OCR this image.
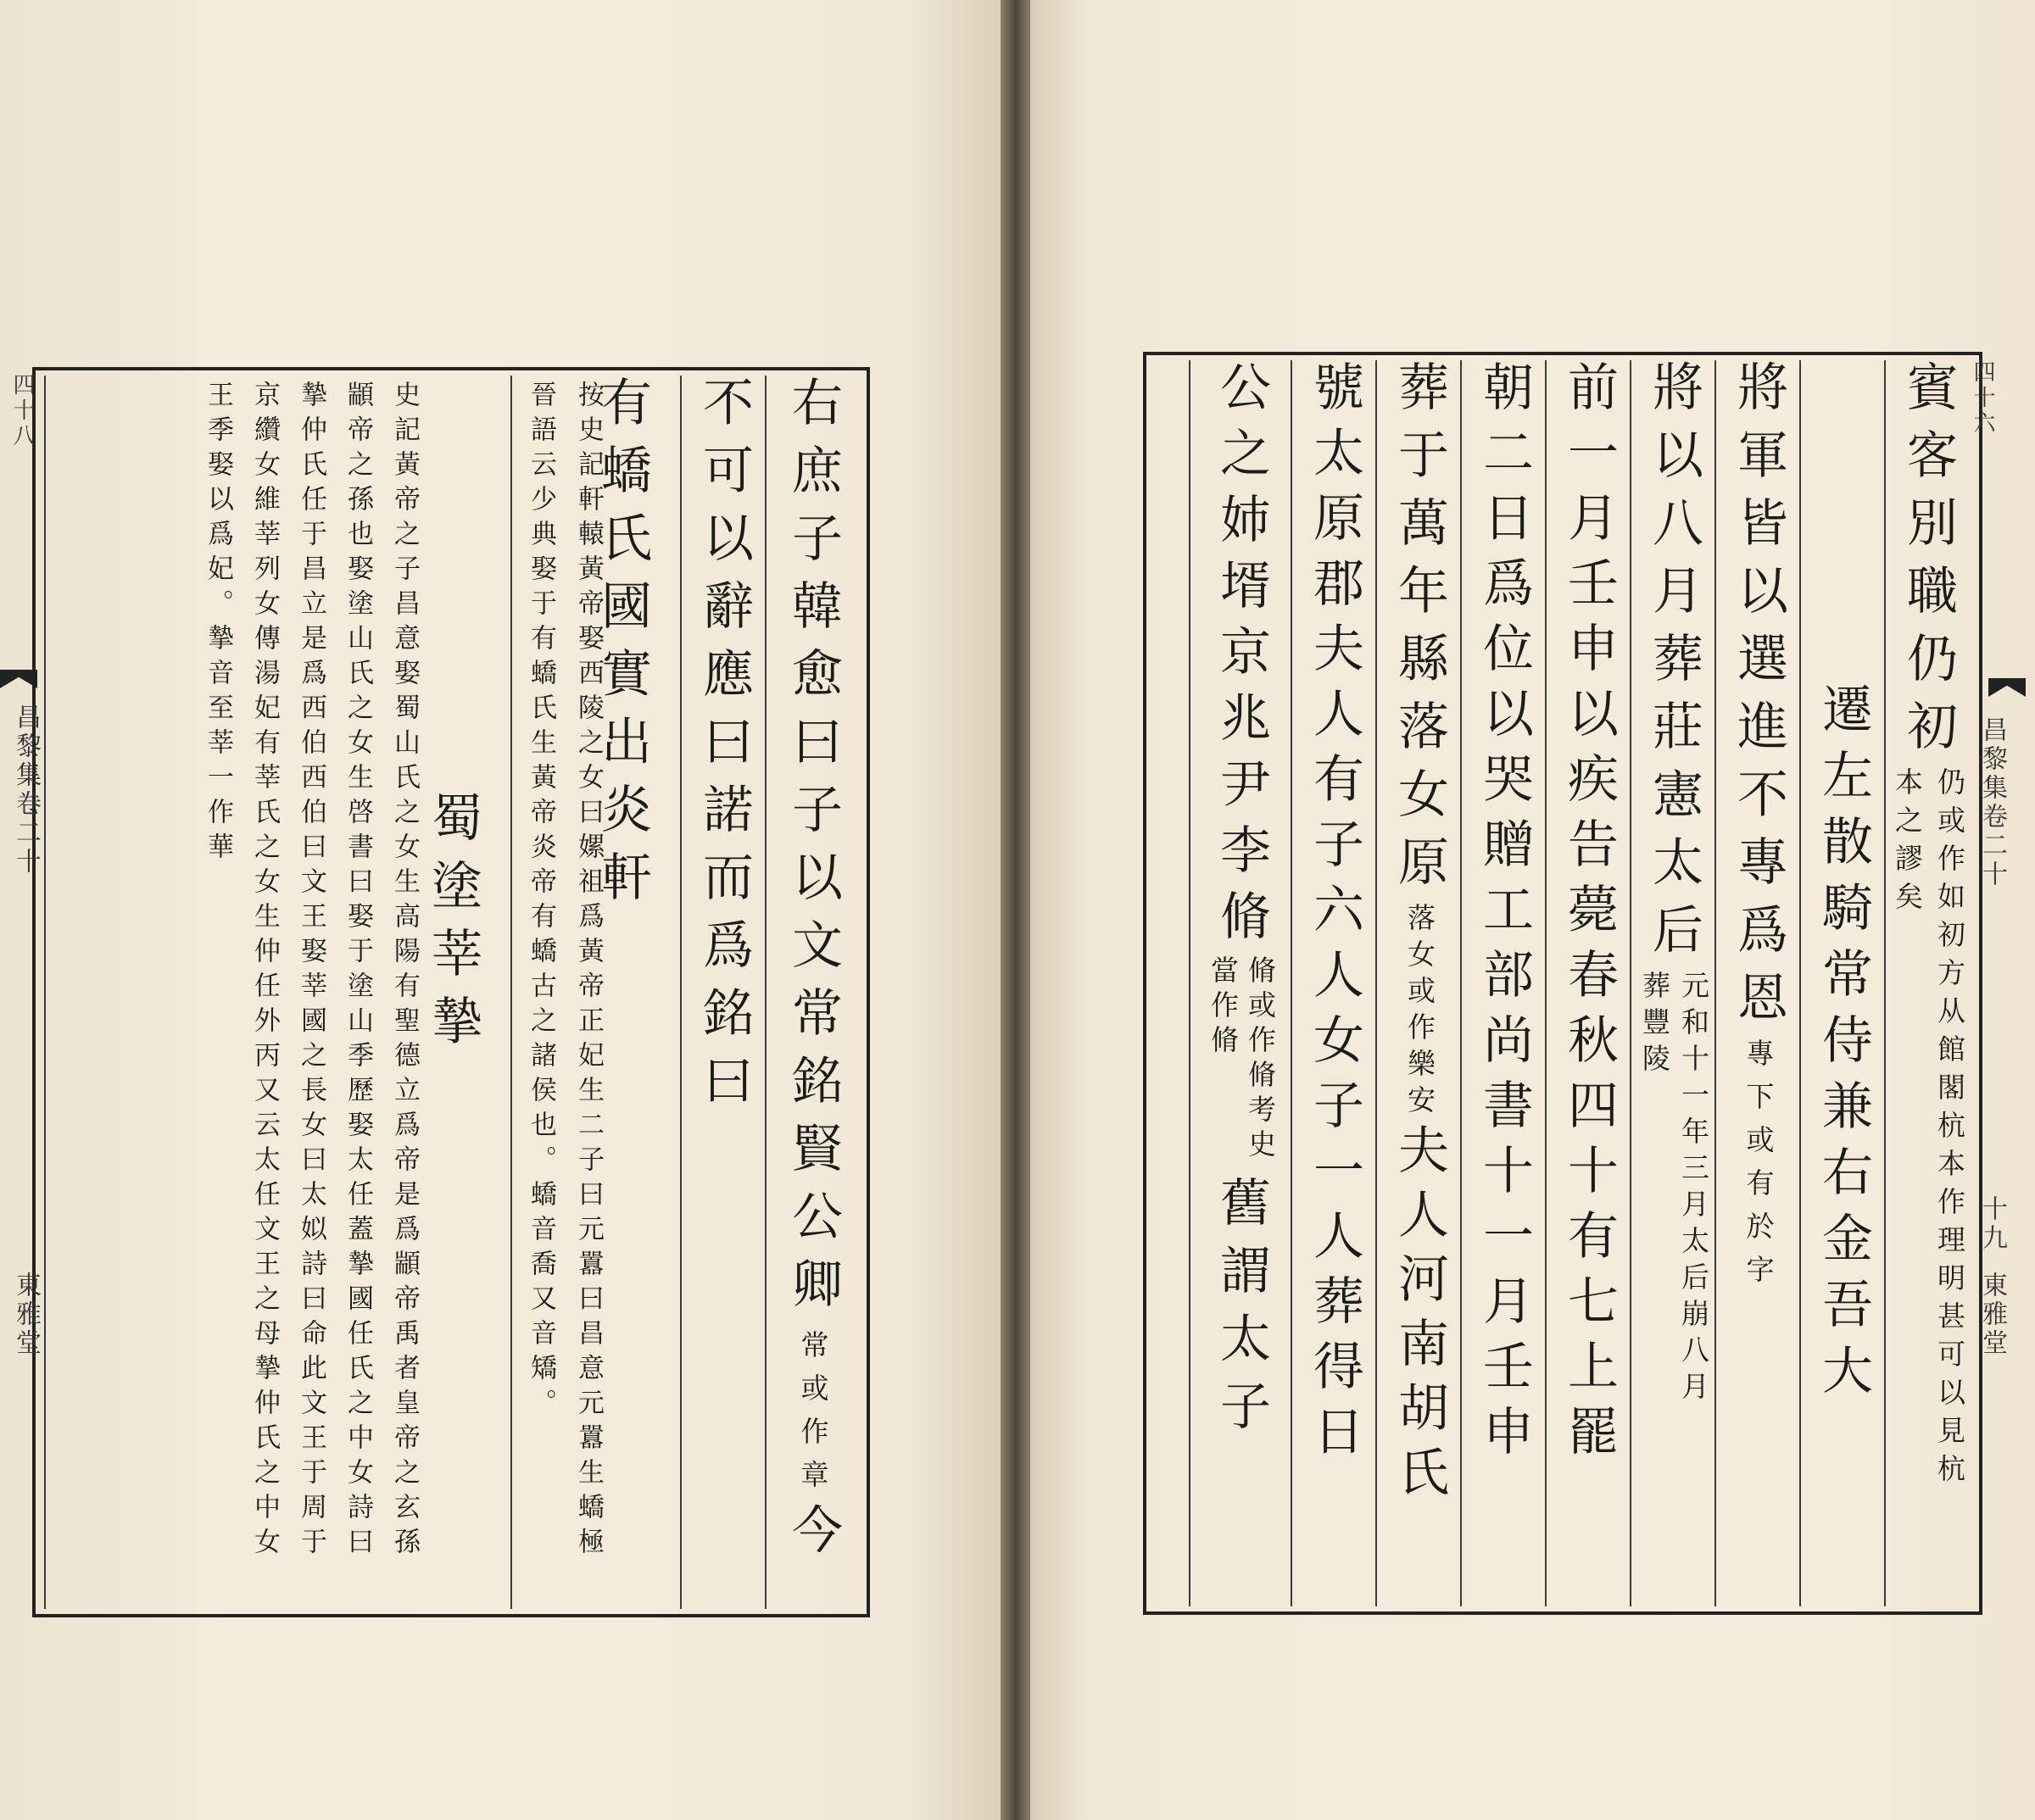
右庶子韓愈曰子以文常銘賢公卿
常或作章
今
不可以辭應曰諾而爲銘曰
有蟜氏國實出炎軒
按史記軒轅黃帝娶西陵之女曰嫘祖爲黃帝正妃生二子曰元囂曰昌意元囂生蟜極晉語云少典娶于有蟜氏生黃帝炎帝有蟜古之諸侯也。蟜音喬又音矯。
蜀塗莘摯
史記黃帝之子昌意娶蜀山氏之女生高陽有聖德立爲帝是爲顓帝禹者皇帝之玄孫顓帝之孫也娶塗山氏之女生啓書曰娶于塗山季歷娶太任蓋摯國任氏之中女詩曰摯仲氏任于昌立是爲西伯西伯曰文王娶莘國之長女曰太姒詩曰命此文王于周于京纘女維莘列女傳湯妃有莘氏之女生仲任外丙又云太任文王之母摯仲氏之中女王季娶以爲妃。摯音至莘一作華
四十八
昌黎集卷二十
東雅堂
賓客別職仍初
仍或作如初方从館閣杭本作理明甚可以見杭本之謬矣
遷左散騎常侍兼右金吾大
將軍皆以選進不專爲恩
專下或有於字
將以八月葬莊憲太后
元和十一年三月太后崩八月葬豐陵
前一月壬申以疾告薨春秋四十有七上罷
朝二日爲位以哭贈工部尚書十一月壬申
葬于萬年縣落女原
落女或作樂安
夫人河南胡氏
號太原郡夫人有子六人女子一人葬得日
公之姉壻京兆尹李脩
脩或作脩考史當作脩
舊謂太子
四十六
昌黎集卷二十
十九
東雅堂
